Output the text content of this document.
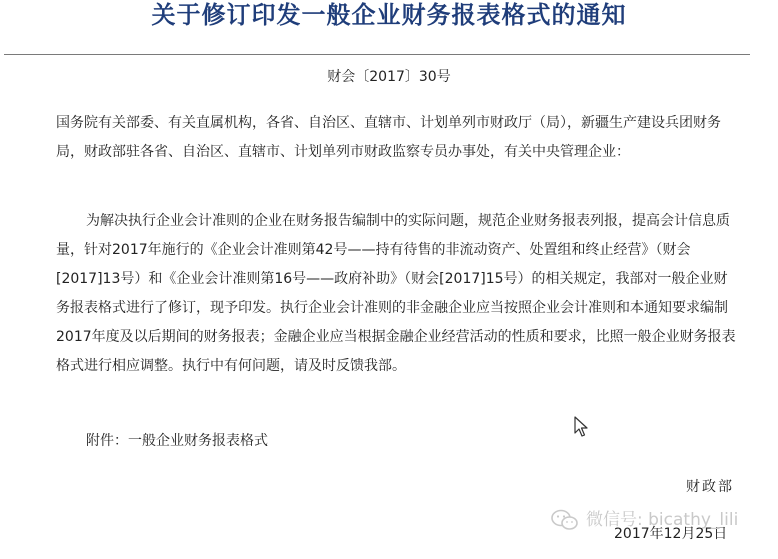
关于修订印发一般企业财务报表格式的通知
财会〔2017〕30号

国务院有关部委、有关直属机构，各省、自治区、直辖市、计划单列市财政厅（局），新疆生产建设兵团财务局，财政部驻各省、自治区、直辖市、计划单列市财政监察专员办事处，有关中央管理企业：

为解决执行企业会计准则的企业在财务报告编制中的实际问题，规范企业财务报表列报，提高会计信息质量，针对2017年施行的《企业会计准则第42号——持有待售的非流动资产、处置组和终止经营》（财会[2017]13号）和《企业会计准则第16号——政府补助》（财会[2017]15号）的相关规定，我部对一般企业财务报表格式进行了修订，现予印发。执行企业会计准则的非金融企业应当按照企业会计准则和本通知要求编制2017年度及以后期间的财务报表；金融企业应当根据金融企业经营活动的性质和要求，比照一般企业财务报表格式进行相应调整。执行中有何问题，请及时反馈我部。

附件：一般企业财务报表格式

财政部
2017年12月25日
微信号: bicathy_lili
